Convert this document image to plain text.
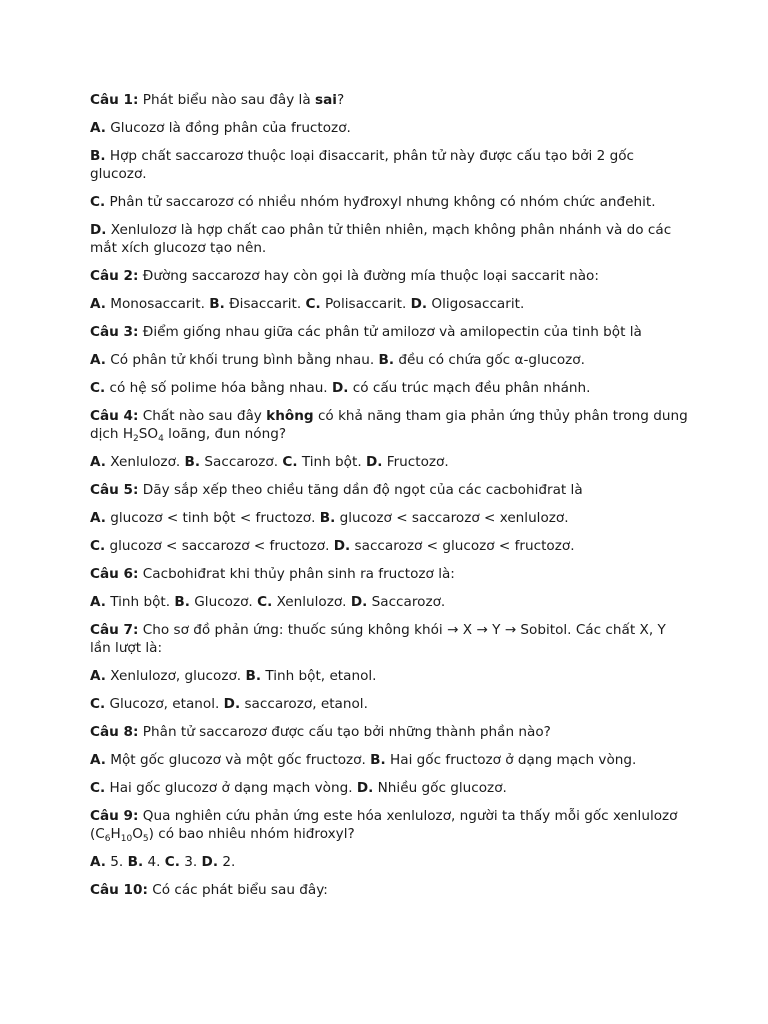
Câu 1: Phát biểu nào sau đây là sai?

A. Glucozơ là đồng phân của fructozơ.

B. Hợp chất saccarozơ thuộc loại đisaccarit, phân tử này được cấu tạo bởi 2 gốc glucozơ.

C. Phân tử saccarozơ có nhiều nhóm hyđroxyl nhưng không có nhóm chức anđehit.

D. Xenlulozơ là hợp chất cao phân tử thiên nhiên, mạch không phân nhánh và do các mắt xích glucozơ tạo nên.

Câu 2: Đường saccarozơ hay còn gọi là đường mía thuộc loại saccarit nào:

A. Monosaccarit. B. Đisaccarit. C. Polisaccarit. D. Oligosaccarit.

Câu 3: Điểm giống nhau giữa các phân tử amilozơ và amilopectin của tinh bột là

A. Có phân tử khối trung bình bằng nhau. B. đều có chứa gốc α-glucozơ.

C. có hệ số polime hóa bằng nhau. D. có cấu trúc mạch đều phân nhánh.

Câu 4: Chất nào sau đây không có khả năng tham gia phản ứng thủy phân trong dung dịch $H_2SO_4$ loãng, đun nóng?

A. Xenlulozơ. B. Saccarozơ. C. Tinh bột. D. Fructozơ.

Câu 5: Dãy sắp xếp theo chiều tăng dần độ ngọt của các cacbohiđrat là

A. glucozơ < tinh bột < fructozơ. B. glucozơ < saccarozơ < xenlulozơ.

C. glucozơ < saccarozơ < fructozơ. D. saccarozơ < glucozơ < fructozơ.

Câu 6: Cacbohiđrat khi thủy phân sinh ra fructozơ là:

A. Tinh bột. B. Glucozơ. C. Xenlulozơ. D. Saccarozơ.

Câu 7: Cho sơ đồ phản ứng: thuốc súng không khói → X → Y → Sobitol. Các chất X, Y lần lượt là:

A. Xenlulozơ, glucozơ. B. Tinh bột, etanol.

C. Glucozơ, etanol. D. saccarozơ, etanol.

Câu 8: Phân tử saccarozơ được cấu tạo bởi những thành phần nào?

A. Một gốc glucozơ và một gốc fructozơ. B. Hai gốc fructozơ ở dạng mạch vòng.

C. Hai gốc glucozơ ở dạng mạch vòng. D. Nhiều gốc glucozơ.

Câu 9: Qua nghiên cứu phản ứng este hóa xenlulozơ, người ta thấy mỗi gốc xenlulozơ $(C_6H_{10}O_5)$ có bao nhiêu nhóm hiđroxyl?

A. 5. B. 4. C. 3. D. 2.

Câu 10: Có các phát biểu sau đây:
